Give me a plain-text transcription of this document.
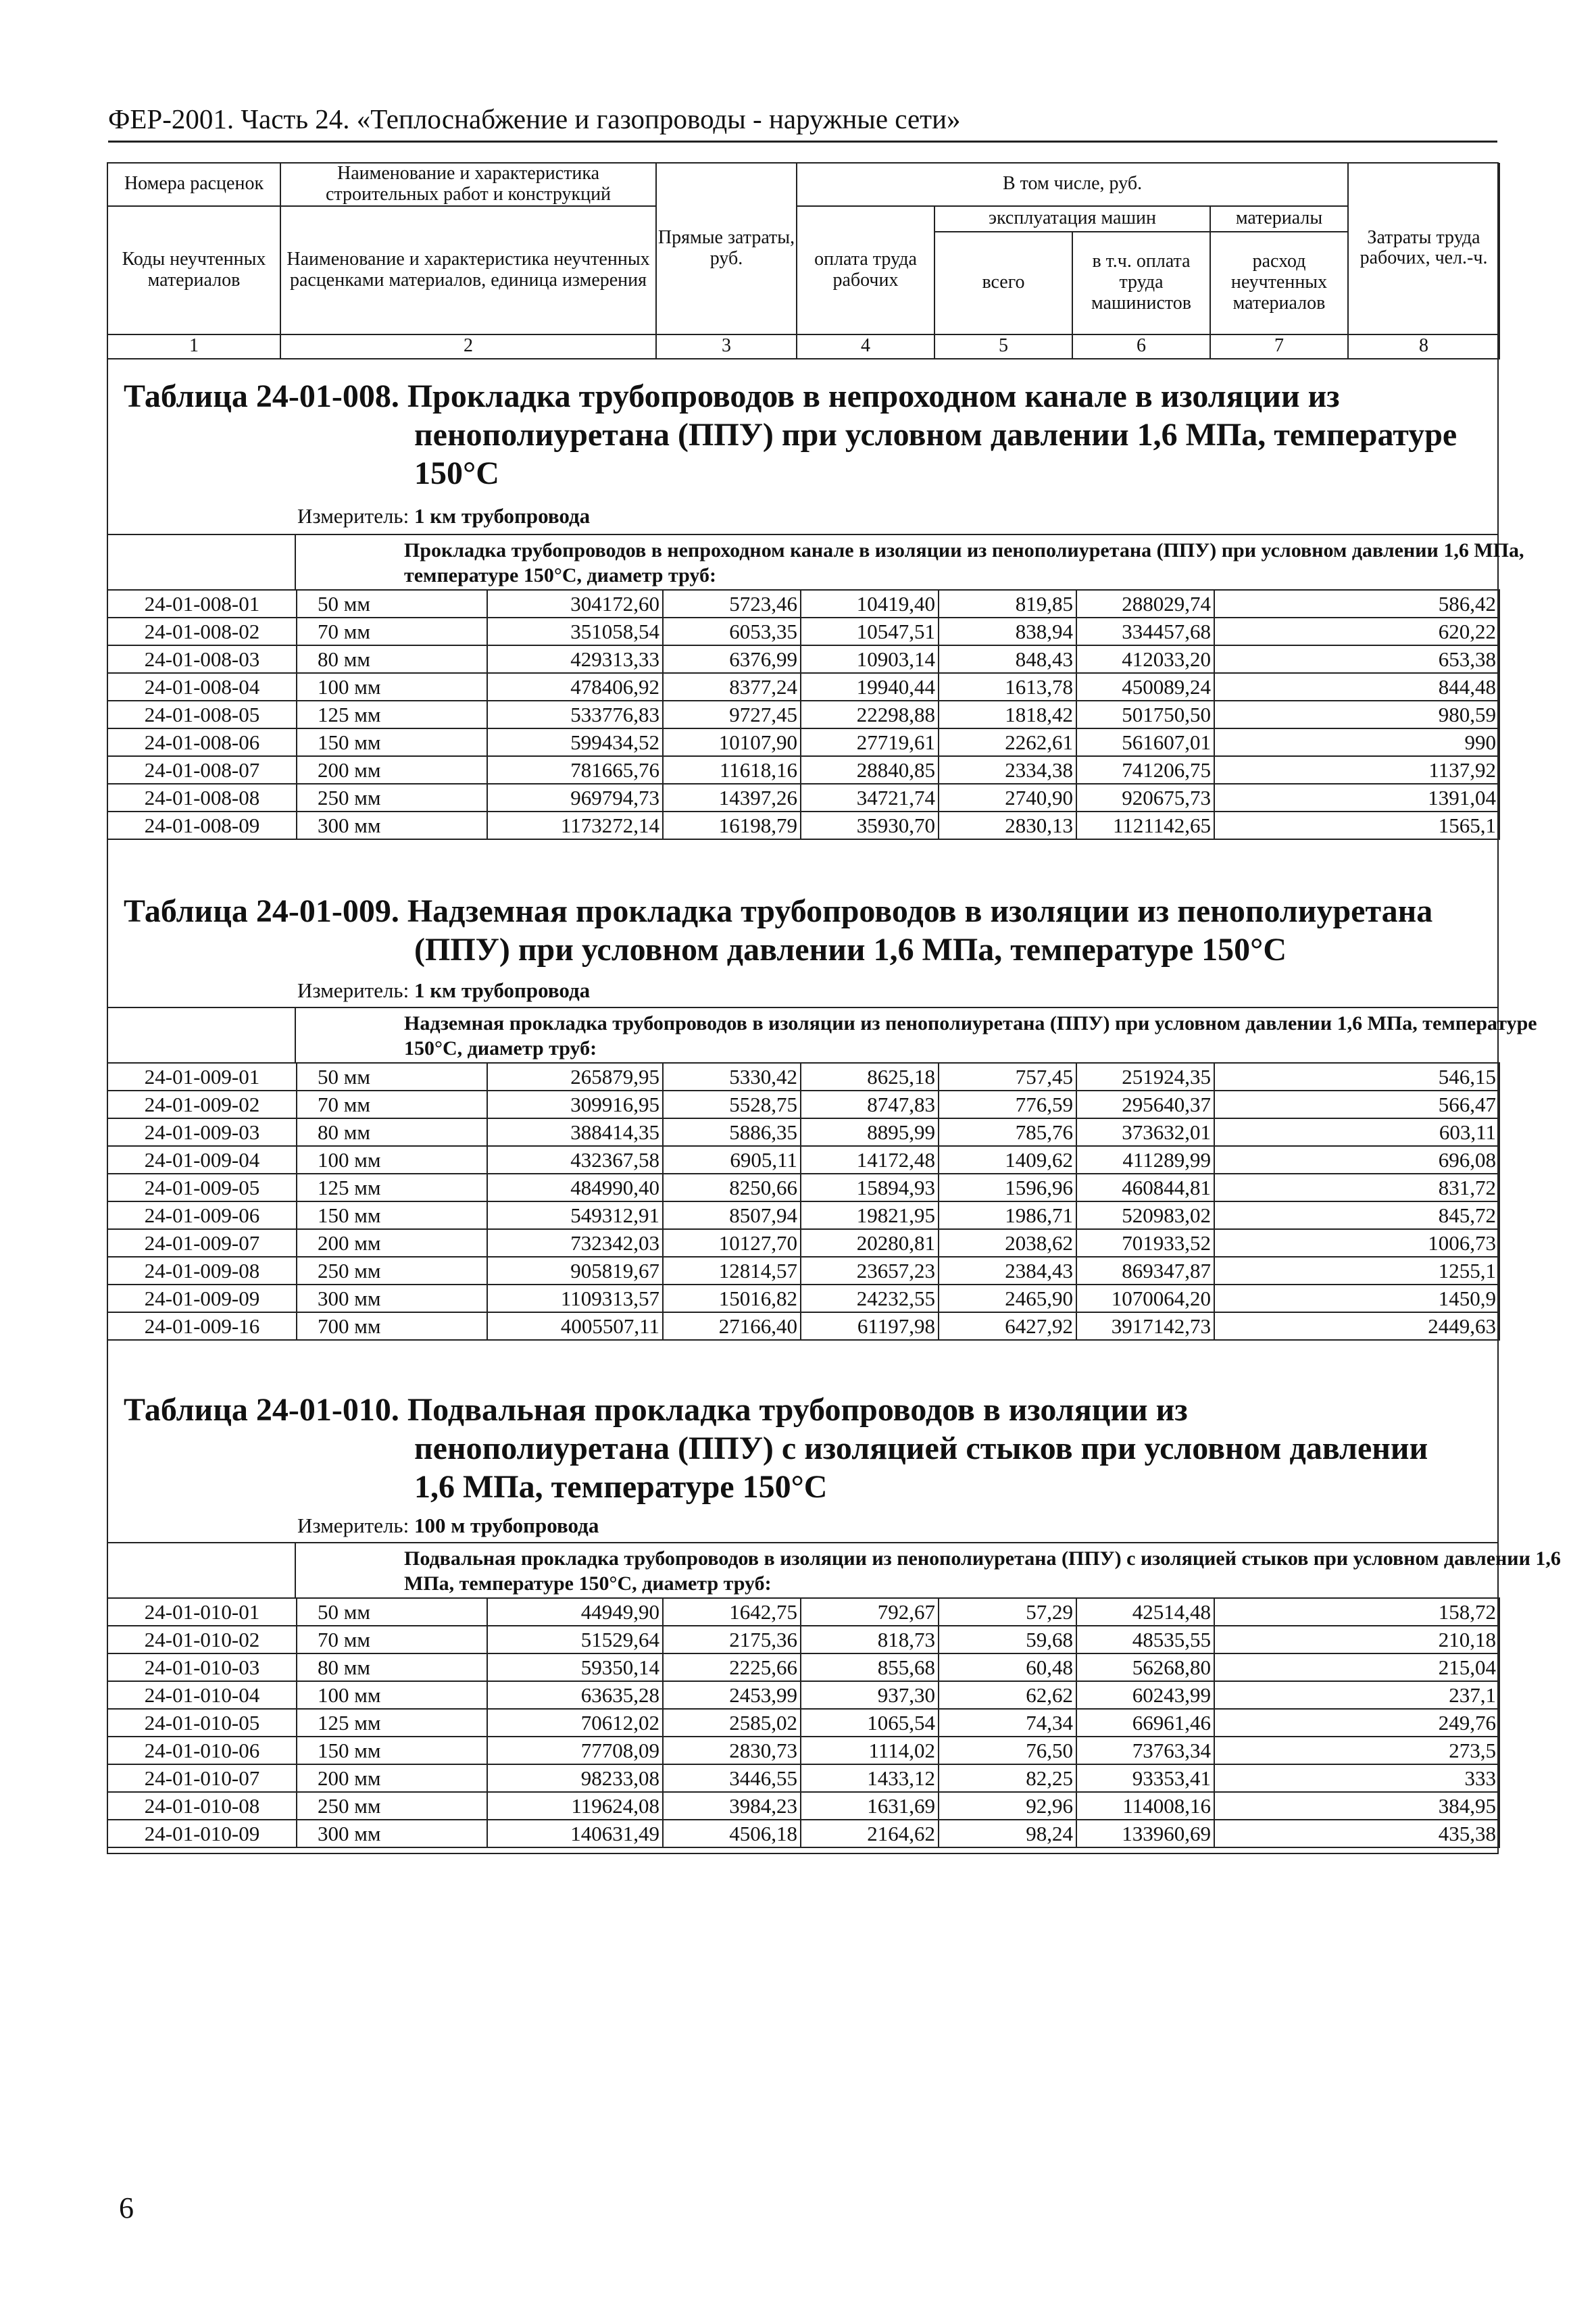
ФЕР-2001. Часть 24. «Теплоснабжение и газопроводы - наружные сети»
Номера расценок	Наименование и характеристика строительных работ и конструкций	Прямые затраты, руб.	В том числе, руб.				Затраты труда рабочих, чел.-ч.
Коды неучтенных материалов	Наименование и характеристика неучтенных расценками материалов, единица измерения		оплата труда рабочих	эксплуатация машин		материалы	
				всего	в т.ч. оплата труда машинистов	расход неучтенных материалов	
1	2	3	4	5	6	7	8
Таблица 24-01-008. Прокладка трубопроводов в непроходном канале в изоляции из
пенополиуретана (ППУ) при условном давлении 1,6 МПа, температуре
150°С
Измеритель: 1 км трубопровода
Прокладка трубопроводов в непроходном канале в изоляции из пенополиуретана (ППУ) при условном давлении 1,6 МПа, температуре 150°С, диаметр труб:
24-01-008-01	50 мм	304172,60	5723,46	10419,40	819,85	288029,74	586,42
24-01-008-02	70 мм	351058,54	6053,35	10547,51	838,94	334457,68	620,22
24-01-008-03	80 мм	429313,33	6376,99	10903,14	848,43	412033,20	653,38
24-01-008-04	100 мм	478406,92	8377,24	19940,44	1613,78	450089,24	844,48
24-01-008-05	125 мм	533776,83	9727,45	22298,88	1818,42	501750,50	980,59
24-01-008-06	150 мм	599434,52	10107,90	27719,61	2262,61	561607,01	990
24-01-008-07	200 мм	781665,76	11618,16	28840,85	2334,38	741206,75	1137,92
24-01-008-08	250 мм	969794,73	14397,26	34721,74	2740,90	920675,73	1391,04
24-01-008-09	300 мм	1173272,14	16198,79	35930,70	2830,13	1121142,65	1565,1
Таблица 24-01-009. Надземная прокладка трубопроводов в изоляции из пенополиуретана
(ППУ) при условном давлении 1,6 МПа, температуре 150°С
Измеритель: 1 км трубопровода
Надземная прокладка трубопроводов в изоляции из пенополиуретана (ППУ) при условном давлении 1,6 МПа, температуре 150°С, диаметр труб:
24-01-009-01	50 мм	265879,95	5330,42	8625,18	757,45	251924,35	546,15
24-01-009-02	70 мм	309916,95	5528,75	8747,83	776,59	295640,37	566,47
24-01-009-03	80 мм	388414,35	5886,35	8895,99	785,76	373632,01	603,11
24-01-009-04	100 мм	432367,58	6905,11	14172,48	1409,62	411289,99	696,08
24-01-009-05	125 мм	484990,40	8250,66	15894,93	1596,96	460844,81	831,72
24-01-009-06	150 мм	549312,91	8507,94	19821,95	1986,71	520983,02	845,72
24-01-009-07	200 мм	732342,03	10127,70	20280,81	2038,62	701933,52	1006,73
24-01-009-08	250 мм	905819,67	12814,57	23657,23	2384,43	869347,87	1255,1
24-01-009-09	300 мм	1109313,57	15016,82	24232,55	2465,90	1070064,20	1450,9
24-01-009-16	700 мм	4005507,11	27166,40	61197,98	6427,92	3917142,73	2449,63
Таблица 24-01-010. Подвальная прокладка трубопроводов в изоляции из
пенополиуретана (ППУ) с изоляцией стыков при условном давлении
1,6 МПа, температуре 150°С
Измеритель: 100 м трубопровода
Подвальная прокладка трубопроводов в изоляции из пенополиуретана (ППУ) с изоляцией стыков при условном давлении 1,6 МПа, температуре 150°С, диаметр труб:
24-01-010-01	50 мм	44949,90	1642,75	792,67	57,29	42514,48	158,72
24-01-010-02	70 мм	51529,64	2175,36	818,73	59,68	48535,55	210,18
24-01-010-03	80 мм	59350,14	2225,66	855,68	60,48	56268,80	215,04
24-01-010-04	100 мм	63635,28	2453,99	937,30	62,62	60243,99	237,1
24-01-010-05	125 мм	70612,02	2585,02	1065,54	74,34	66961,46	249,76
24-01-010-06	150 мм	77708,09	2830,73	1114,02	76,50	73763,34	273,5
24-01-010-07	200 мм	98233,08	3446,55	1433,12	82,25	93353,41	333
24-01-010-08	250 мм	119624,08	3984,23	1631,69	92,96	114008,16	384,95
24-01-010-09	300 мм	140631,49	4506,18	2164,62	98,24	133960,69	435,38
6
